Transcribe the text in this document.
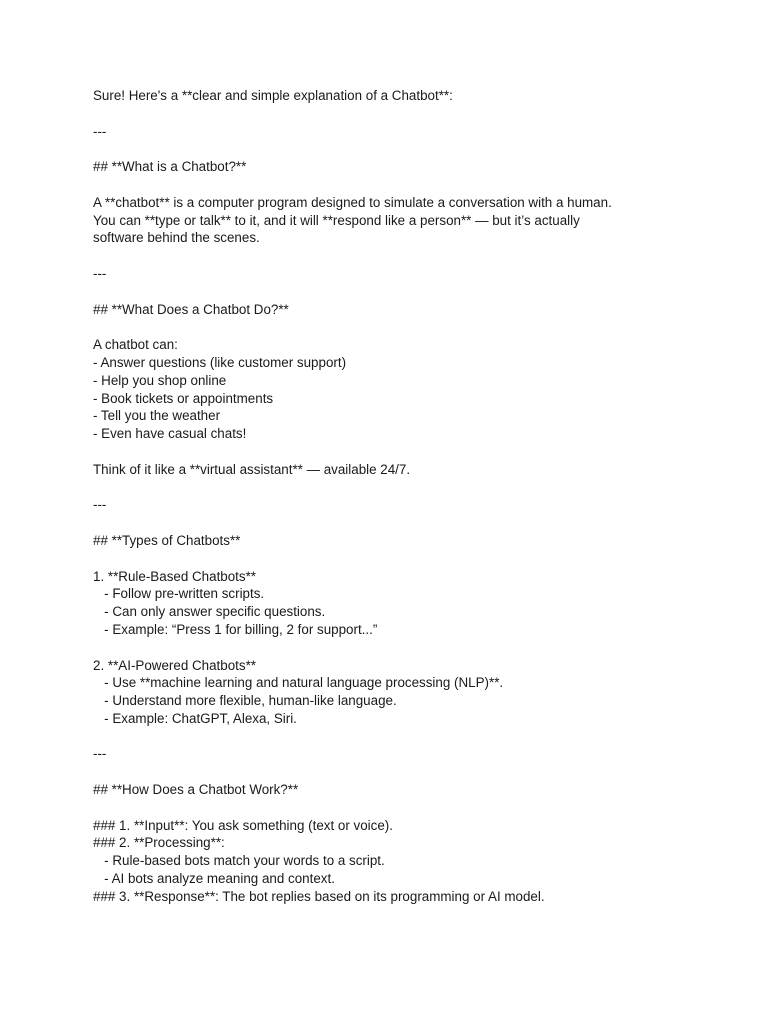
Sure! Here's a **clear and simple explanation of a Chatbot**:
---
## **What is a Chatbot?**
A **chatbot** is a computer program designed to simulate a conversation with a human.
You can **type or talk** to it, and it will **respond like a person** — but it’s actually
software behind the scenes.
---
## **What Does a Chatbot Do?**
A chatbot can:
- Answer questions (like customer support)
- Help you shop online
- Book tickets or appointments
- Tell you the weather
- Even have casual chats!
Think of it like a **virtual assistant** — available 24/7.
---
## **Types of Chatbots**
1. **Rule-Based Chatbots**
- Follow pre-written scripts.
- Can only answer specific questions.
- Example: “Press 1 for billing, 2 for support...”
2. **AI-Powered Chatbots**
- Use **machine learning and natural language processing (NLP)**.
- Understand more flexible, human-like language.
- Example: ChatGPT, Alexa, Siri.
---
## **How Does a Chatbot Work?**
### 1. **Input**: You ask something (text or voice).
### 2. **Processing**:
- Rule-based bots match your words to a script.
- AI bots analyze meaning and context.
### 3. **Response**: The bot replies based on its programming or AI model.
